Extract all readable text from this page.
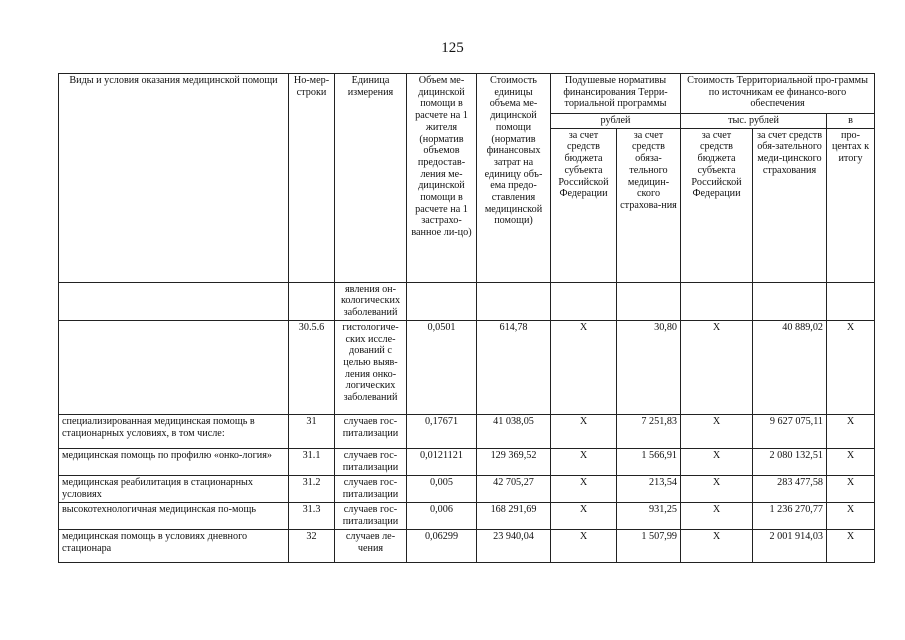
125
Виды и условия оказания медицинской помощи	Но-мер-строки	Единица измерения	Объем ме-дицинской помощи в расчете на 1 жителя (норматив объемов предостав-ления ме-дицинской помощи в расчете на 1 застрахо-ванное ли-цо)	Стоимость единицы объема ме-дицинской помощи (норматив финансовых затрат на единицу объ-ема предо-ставления медицинской помощи)	Подушевые нормативы финансирования Терри-ториальной программы		Стоимость Территориальной про-граммы по источникам ее финансо-вого обеспечения		
					рублей		тыс. рублей		в
					за счет средств бюджета субъекта Российской Федерации	за счет средств обяза-тельного медицин-ского страхова-ния	за счет средств бюджета субъекта Российской Федерации	за счет средств обя-зательного меди-цинского страхования	про-центах к итогу
		явления он-кологических заболеваний							
	30.5.6	гистологиче-ских иссле-дований с целью выяв-ления онко-логических заболеваний	0,0501	614,78	X	30,80	X	40 889,02	X
специализированная медицинская помощь в стационарных условиях, в том числе:	31	случаев гос-питализации	0,17671	41 038,05	X	7 251,83	X	9 627 075,11	X
медицинская помощь по профилю «онко-логия»	31.1	случаев гос-питализации	0,0121121	129 369,52	X	1 566,91	X	2 080 132,51	X
медицинская реабилитация в стационарных условиях	31.2	случаев гос-питализации	0,005	42 705,27	X	213,54	X	283 477,58	X
высокотехнологичная медицинская по-мощь	31.3	случаев гос-питализации	0,006	168 291,69	X	931,25	X	1 236 270,77	X
медицинская помощь в условиях дневного стационара	32	случаев ле-чения	0,06299	23 940,04	X	1 507,99	X	2 001 914,03	X
